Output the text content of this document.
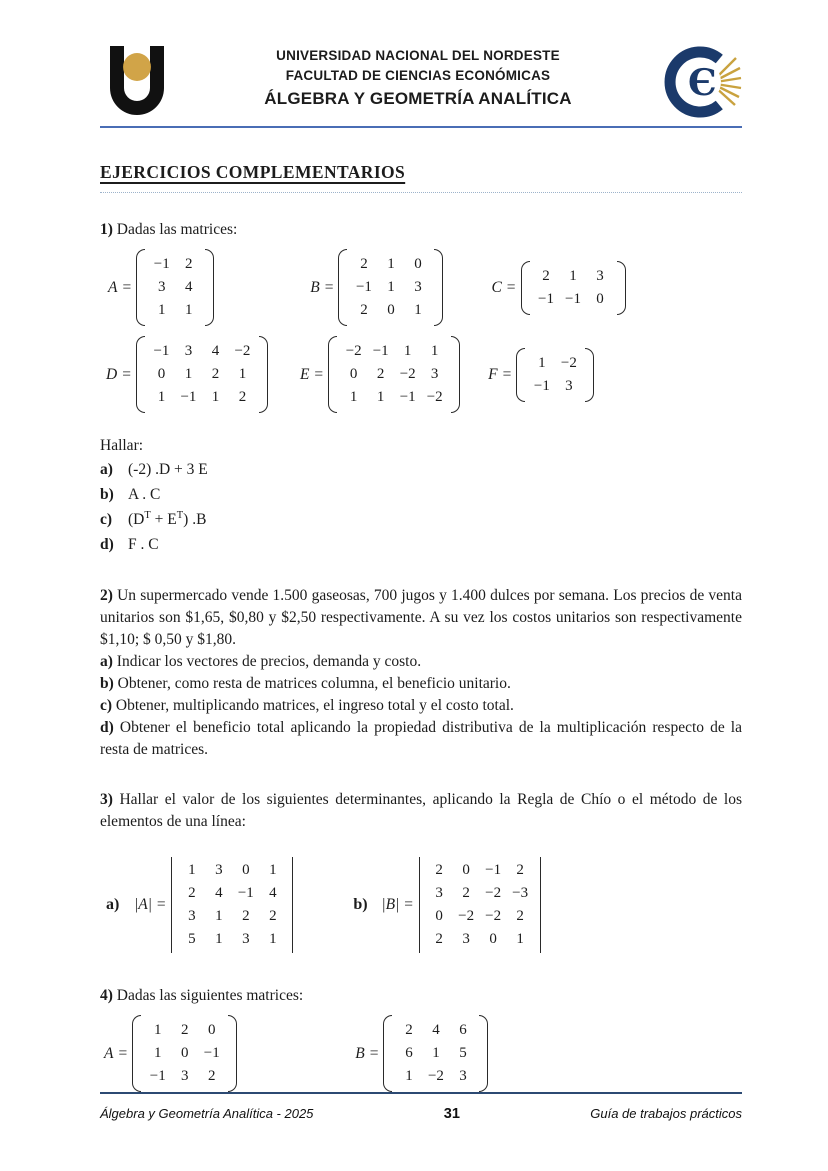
UNIVERSIDAD NACIONAL DEL NORDESTE
FACULTAD DE CIENCIAS ECONÓMICAS
ÁLGEBRA Y GEOMETRÍA ANALÍTICA	Є
EJERCICIOS COMPLEMENTARIOS
1) Dadas las matrices:
A =
−1	2
3	4
1	1
B =
2	1	0
−1	1	3
2	0	1
C =
2	1	3
−1 −1	0
D =
−1	3	4	−2
0	1	2	1
1	−1	1	2
E =
−2 −1	1	1
0	2	−2	3
1	1	−1 −2
F =
1	−2
−1	3
Hallar:
a) (-2) .D + 3 E
b) A . C
c)	$(D^T + E^T)$ .B
d) F . C
2) Un supermercado vende 1.500 gaseosas, 700 jugos y 1.400 dulces por semana. Los precios de venta unitarios son $1,65, $0,80 y $2,50 respectivamente. A su vez los costos unitarios son respectivamente $1,10; $ 0,50 y $1,80.
a) Indicar los vectores de precios, demanda y costo.
b) Obtener, como resta de matrices columna, el beneficio unitario.
c) Obtener, multiplicando matrices, el ingreso total y el costo total.
d) Obtener el beneficio total aplicando la propiedad distributiva de la multiplicación respecto de la resta de matrices.
3) Hallar el valor de los siguientes determinantes, aplicando la Regla de Chío o el método de los elementos de una línea:
a) |A| =
1	3	0	1
2	4	−1	4
3	1	2	2
5	1	3	1
b) |B| =
2	0	−1	2
3	2	−2 −3
0	−2 −2	2
2	3	0	1
4) Dadas las siguientes matrices:
A =
1	2	0
1	0	−1
−1	3	2
B =
2	4	6
6	1	5
1	−2	3
Álgebra y Geometría Analítica - 2025	31	Guía de trabajos prácticos
